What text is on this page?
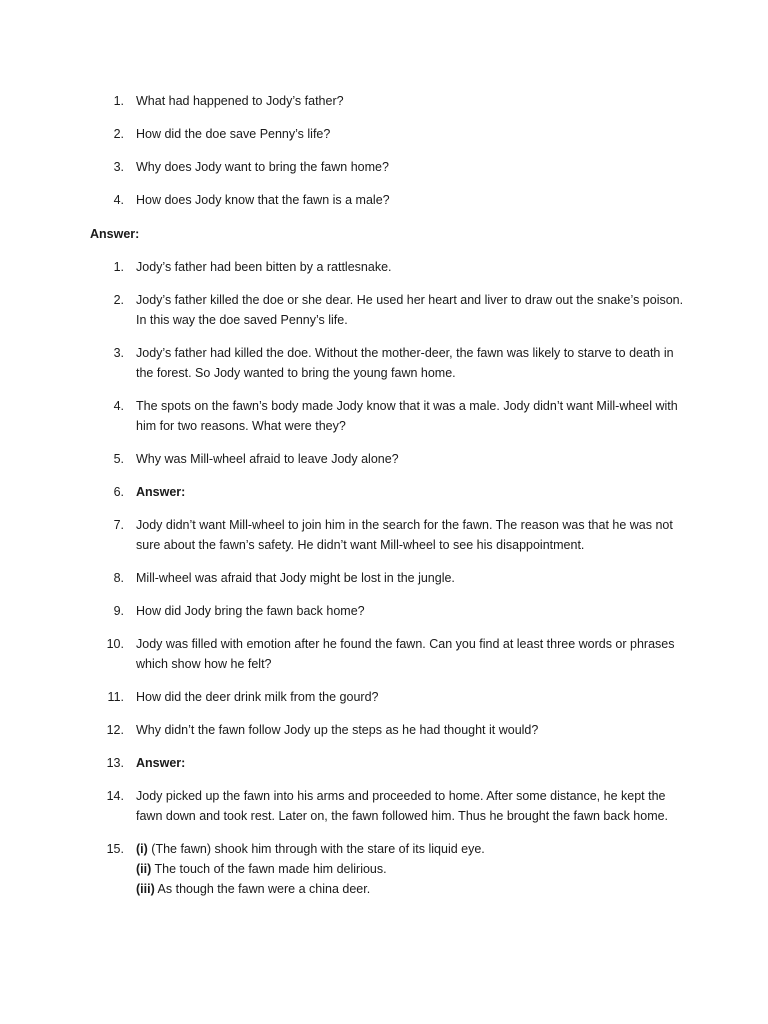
1. What had happened to Jody’s father?
2. How did the doe save Penny’s life?
3. Why does Jody want to bring the fawn home?
4. How does Jody know that the fawn is a male?
Answer:
1. Jody’s father had been bitten by a rattlesnake.
2. Jody’s father killed the doe or she dear. He used her heart and liver to draw out the snake’s poison. In this way the doe saved Penny’s life.
3. Jody’s father had killed the doe. Without the mother-deer, the fawn was likely to starve to death in the forest. So Jody wanted to bring the young fawn home.
4. The spots on the fawn’s body made Jody know that it was a male. Jody didn’t want Mill-wheel with him for two reasons. What were they?
5. Why was Mill-wheel afraid to leave Jody alone?
6. Answer:
7. Jody didn’t want Mill-wheel to join him in the search for the fawn. The reason was that he was not sure about the fawn’s safety. He didn’t want Mill-wheel to see his disappointment.
8. Mill-wheel was afraid that Jody might be lost in the jungle.
9. How did Jody bring the fawn back home?
10. Jody was filled with emotion after he found the fawn. Can you find at least three words or phrases which show how he felt?
11. How did the deer drink milk from the gourd?
12. Why didn’t the fawn follow Jody up the steps as he had thought it would?
13. Answer:
14. Jody picked up the fawn into his arms and proceeded to home. After some distance, he kept the fawn down and took rest. Later on, the fawn followed him. Thus he brought the fawn back home.
15. (i) (The fawn) shook him through with the stare of its liquid eye.
(ii) The touch of the fawn made him delirious.
(iii) As though the fawn were a china deer.
